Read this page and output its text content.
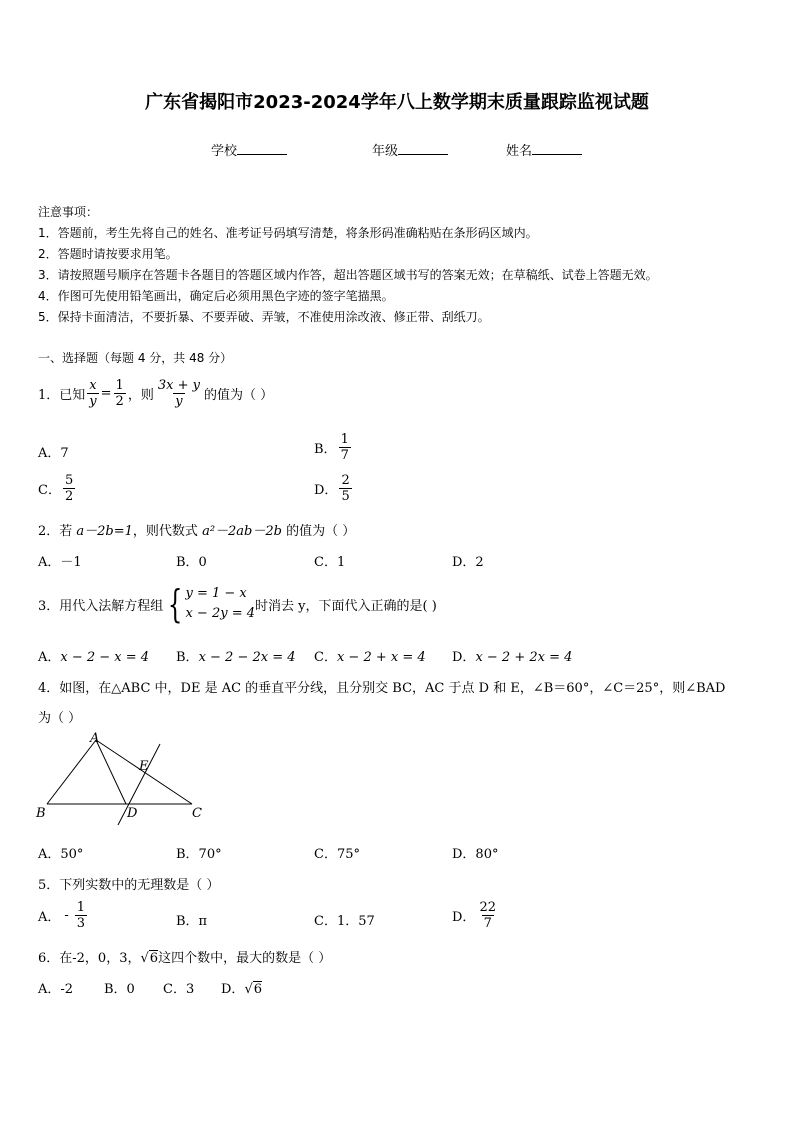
广东省揭阳市2023-2024学年八上数学期末质量跟踪监视试题
学校	年级	姓名
注意事项：
1．答题前，考生先将自己的姓名、准考证号码填写清楚，将条形码准确粘贴在条形码区域内。
2．答题时请按要求用笔。
3．请按照题号顺序在答题卡各题目的答题区域内作答，超出答题区域书写的答案无效；在草稿纸、试卷上答题无效。
4．作图可先使用铅笔画出，确定后必须用黑色字迹的签字笔描黑。
5．保持卡面清洁，不要折暴、不要弄破、弄皱，不准使用涂改液、修正带、刮纸刀。
一、选择题（每题 4 分，共 48 分）
1．已知 $\frac{x}{y} = \frac{1}{2}$ ，则 $\frac{3x + y}{y}$ 的值为（ ）
A．7	B． $\frac{1}{7}$
C． $\frac{5}{2}$	D． $\frac{2}{5}$
2．若 a－2b=1，则代数式 a²－2ab－2b 的值为（ ）
A．－1	B．0	C．1	D．2
3．用代入法解方程组 { y = 1 − x
x − 2y = 4 时消去 y，下面代入正确的是( )
A．x − 2 − x = 4 B．x − 2 − 2x = 4 C．x − 2 + x = 4 D．x − 2 + 2x = 4
4．如图，在△ABC 中，DE 是 AC 的垂直平分线，且分别交 BC，AC 于点 D 和 E，∠B＝60°，∠C＝25°，则∠BAD
为（ ）
A
E
B	D	C
A．50°	B．70°	C．75°	D．80°
5．下列实数中的无理数是（ ）
A． - $\frac{1}{3}$	B．π	C．1．57	D． $\frac{22}{7}$
6．在-2，0，3，√6这四个数中，最大的数是（ ）
A．-2 B．0 C．3 D．√6
